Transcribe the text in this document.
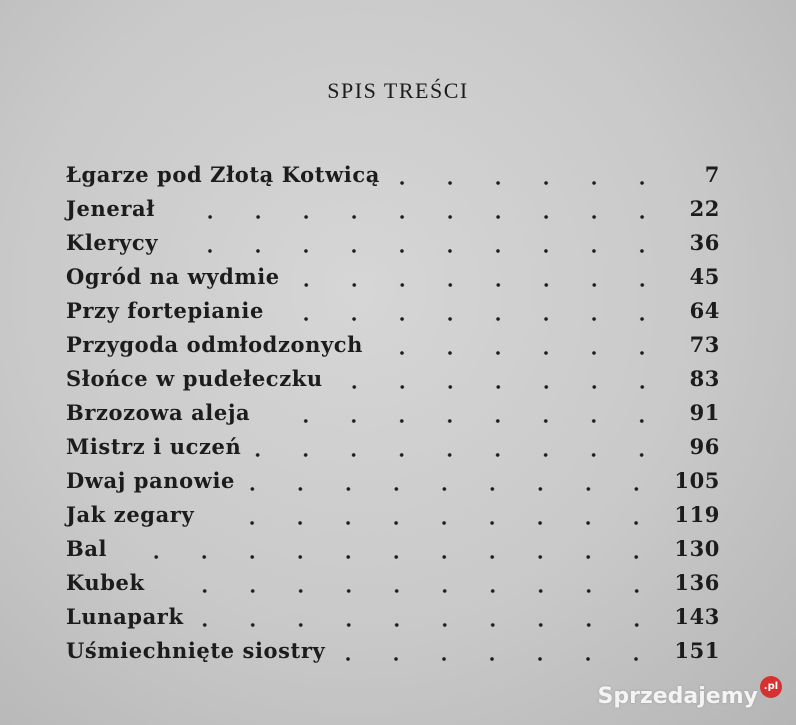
SPIS TREŚCI
Łgarze pod Złotą Kotwicą	7
Jenerał	22
Klerycy	36
Ogród na wydmie	45
Przy fortepianie	64
Przygoda odmłodzonych	73
Słońce w pudełeczku	83
Brzozowa aleja	91
Mistrz i uczeń	96
Dwaj panowie	105
Jak zegary	119
Bal	130
Kubek	136
Lunapark	143
Uśmiechnięte siostry	151
Sprzedajemy .pl
